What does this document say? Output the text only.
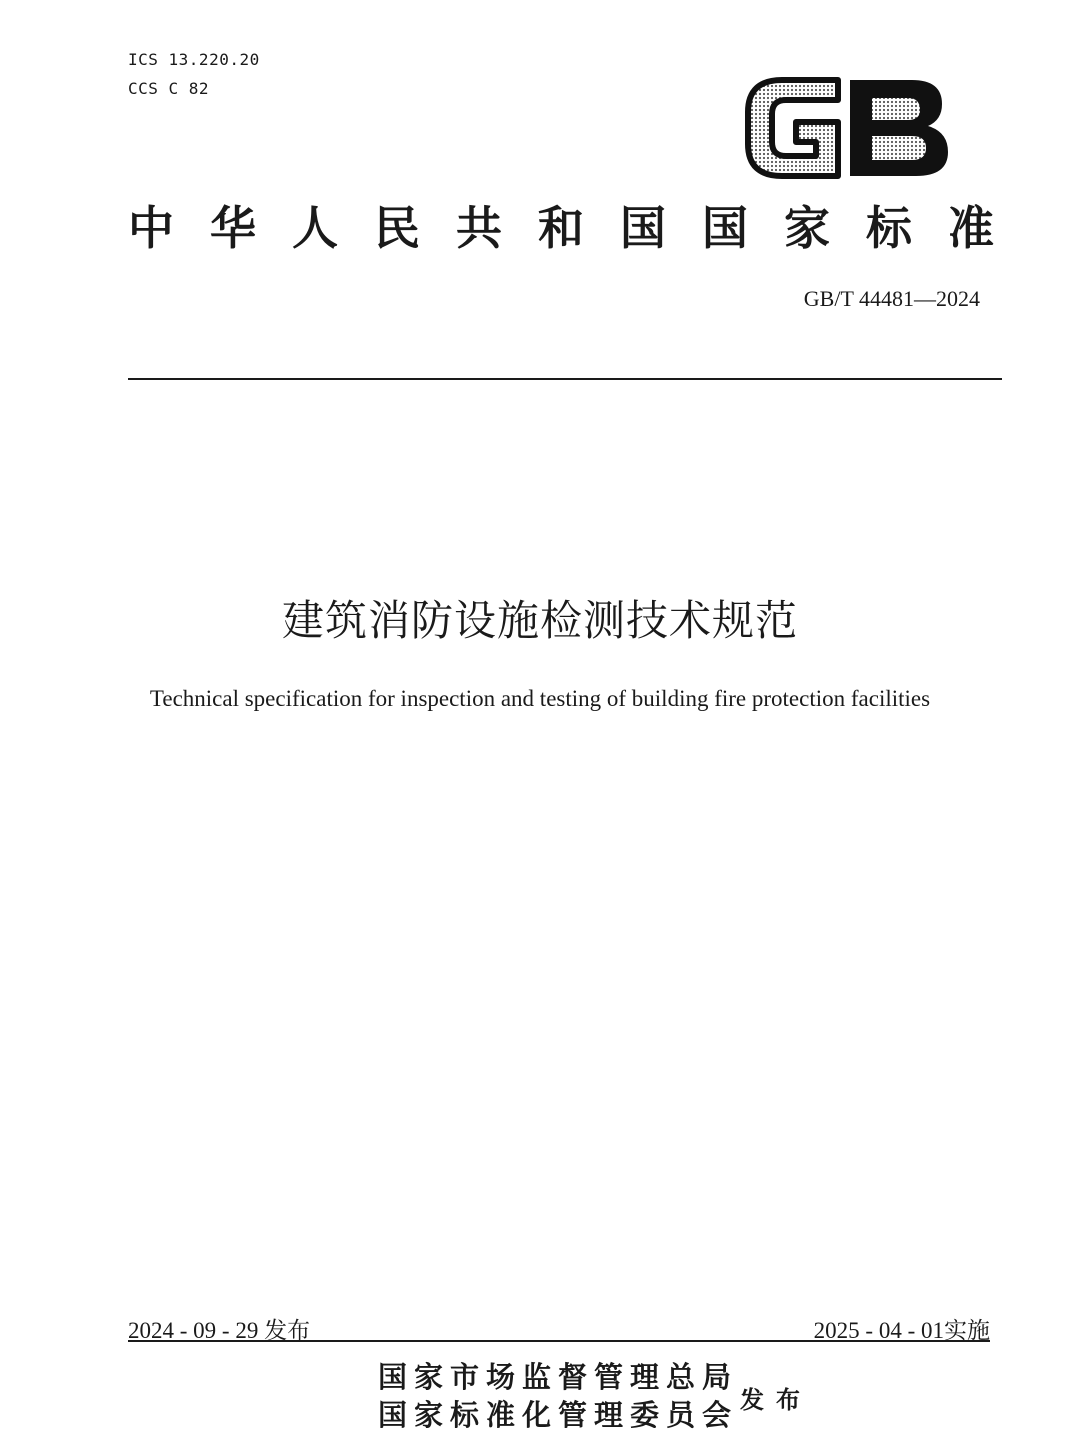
ICS 13.220.20
CCS C 82
中华人民共和国国家标准
GB/T 44481—2024
建筑消防设施检测技术规范
Technical specification for inspection and testing of building fire protection facilities
2024 - 09 - 29 发布	2025 - 04 - 01实施
国家市场监督管理总局
国家标准化管理委员会 发布
